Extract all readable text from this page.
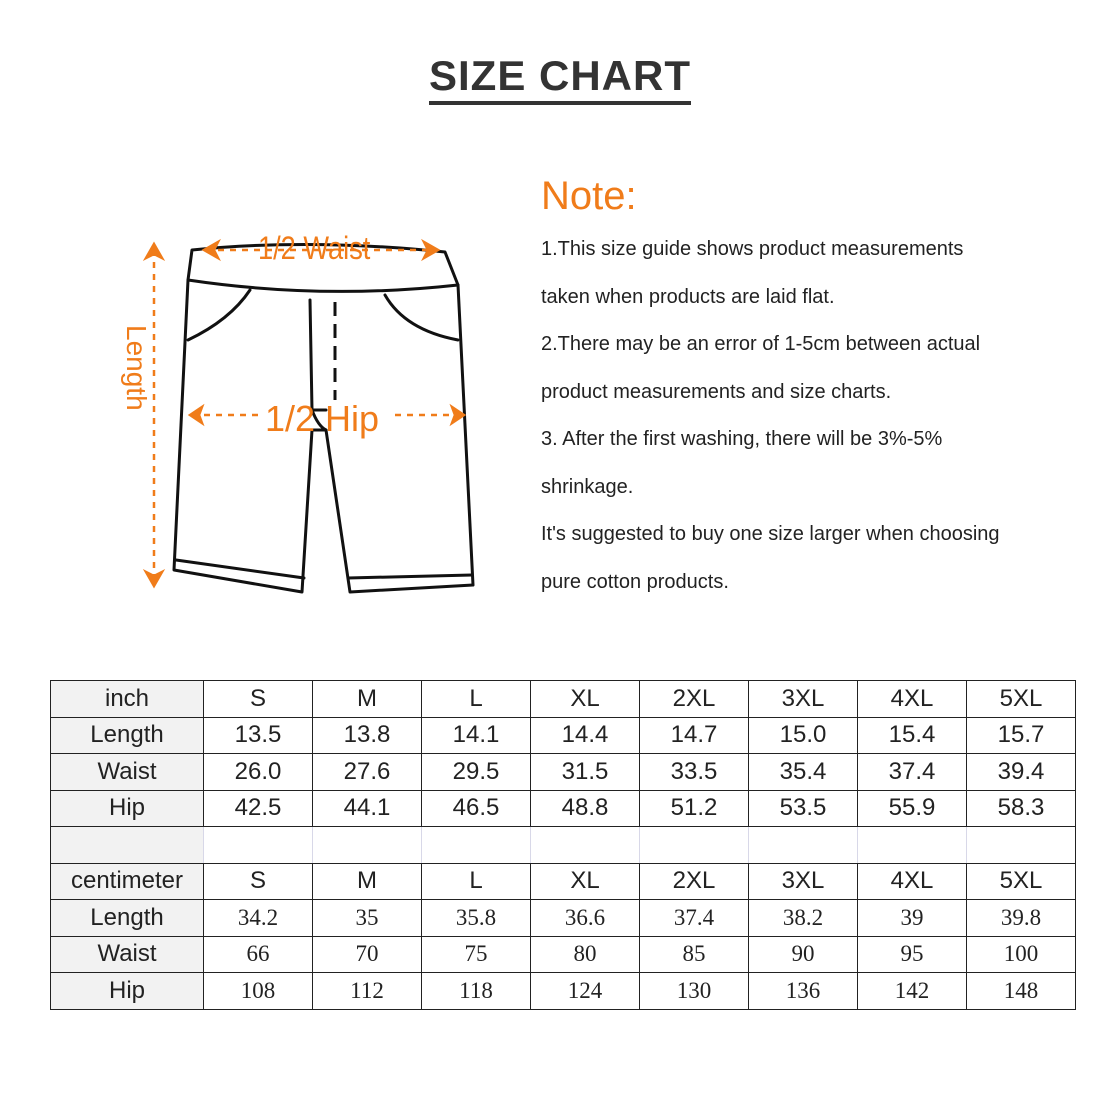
SIZE CHART
1/2 Waist
1/2 Hip
Length
Note:
1.This size guide shows product measurements
taken when products are laid flat.
2.There may be an error of 1-5cm between actual
product measurements and size charts.
3. After the first washing, there will be 3%-5%
shrinkage.
It's suggested to buy one size larger when choosing
pure cotton products.
inch	S	M	L	XL	2XL	3XL	4XL	5XL
Length	13.5	13.8	14.1	14.4	14.7	15.0	15.4	15.7
Waist	26.0	27.6	29.5	31.5	33.5	35.4	37.4	39.4
Hip	42.5	44.1	46.5	48.8	51.2	53.5	55.9	58.3

centimeter	S	M	L	XL	2XL	3XL	4XL	5XL
Length	34.2	35	35.8	36.6	37.4	38.2	39	39.8
Waist	66	70	75	80	85	90	95	100
Hip	108	112	118	124	130	136	142	148
